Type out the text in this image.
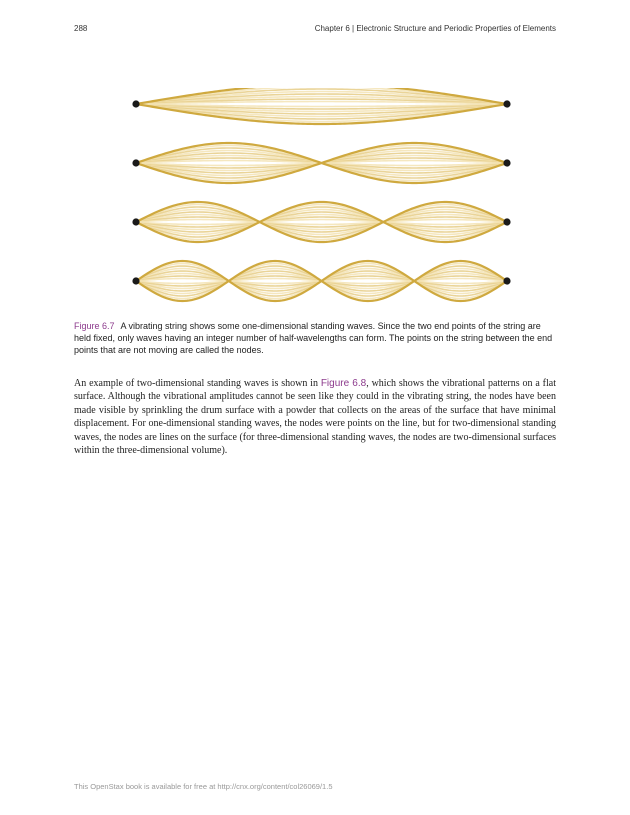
288	Chapter 6 | Electronic Structure and Periodic Properties of Elements
Figure 6.7 A vibrating string shows some one-dimensional standing waves. Since the two end points of the string are held fixed, only waves having an integer number of half-wavelengths can form. The points on the string between the end points that are not moving are called the nodes.
An example of two-dimensional standing waves is shown in Figure 6.8, which shows the vibrational patterns on a flat surface. Although the vibrational amplitudes cannot be seen like they could in the vibrating string, the nodes have been made visible by sprinkling the drum surface with a powder that collects on the areas of the surface that have minimal displacement. For one-dimensional standing waves, the nodes were points on the line, but for two-dimensional standing waves, the nodes are lines on the surface (for three-dimensional standing waves, the nodes are two-dimensional surfaces within the three-dimensional volume).
This OpenStax book is available for free at http://cnx.org/content/col26069/1.5
